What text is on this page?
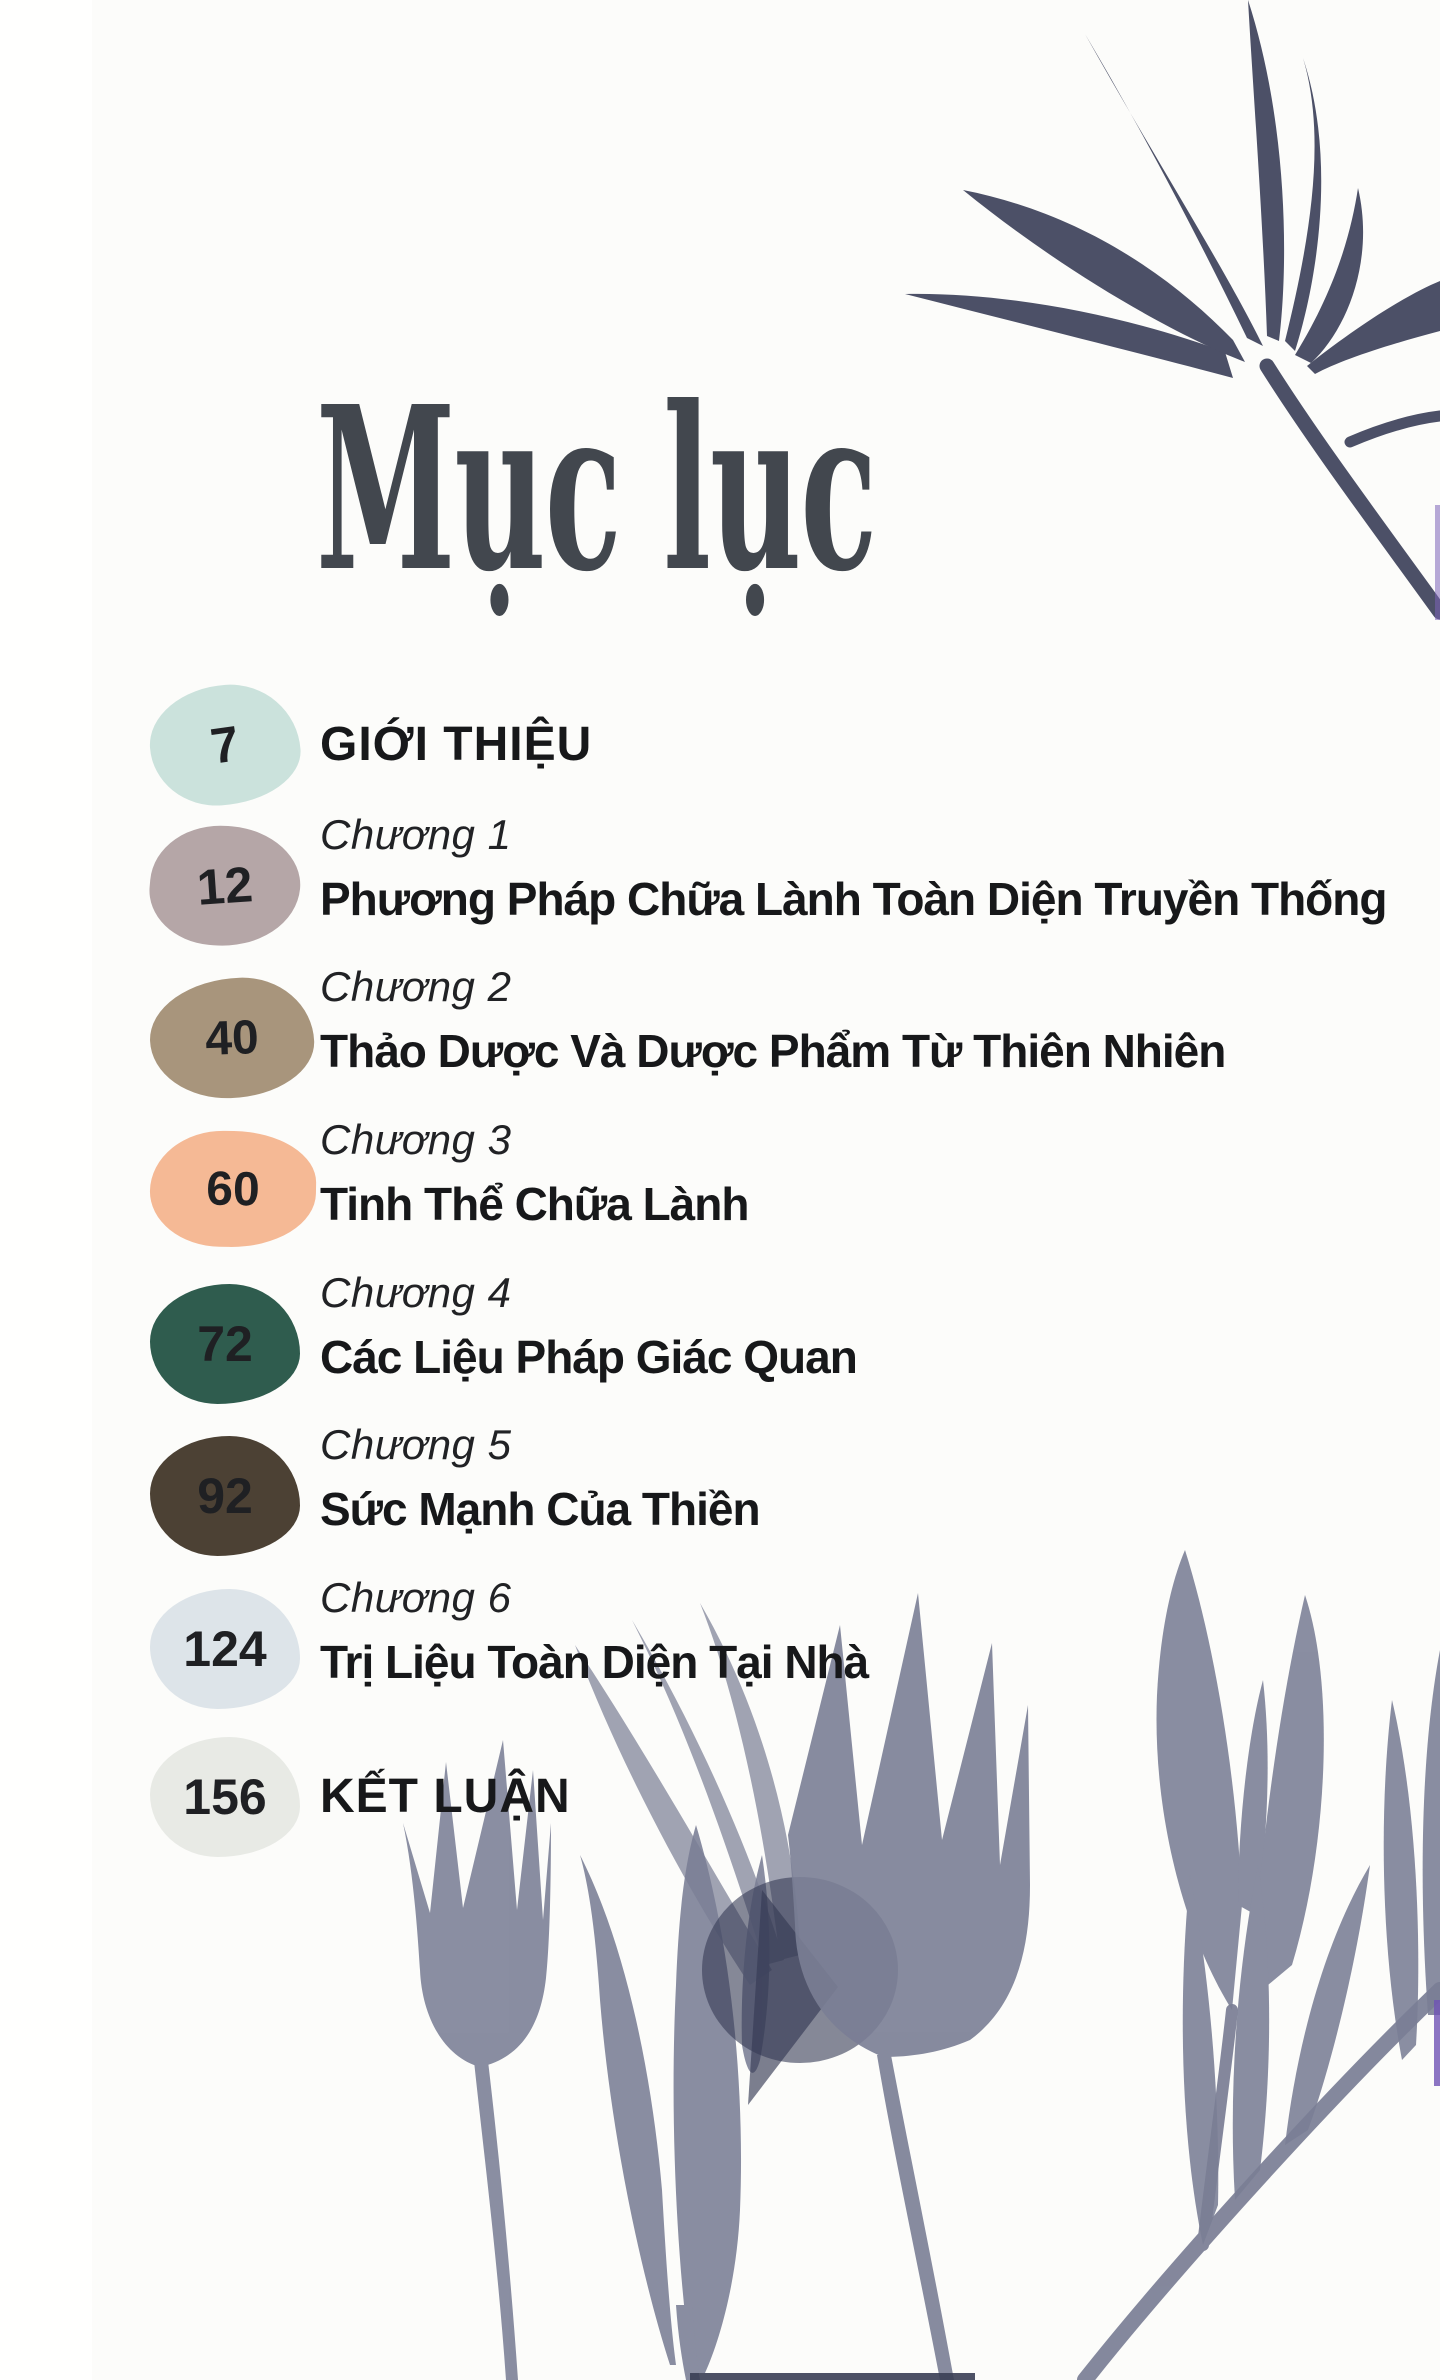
Mục lục
7 GIỚI THIỆU
12
Chương 1
Phương Pháp Chữa Lành Toàn Diện Truyền Thống
40
Chương 2
Thảo Dược Và Dược Phẩm Từ Thiên Nhiên
60
Chương 3
Tinh Thể Chữa Lành
72
Chương 4
Các Liệu Pháp Giác Quan
92
Chương 5
Sức Mạnh Của Thiền
124
Chương 6
Trị Liệu Toàn Diện Tại Nhà
156 KẾT LUẬN
